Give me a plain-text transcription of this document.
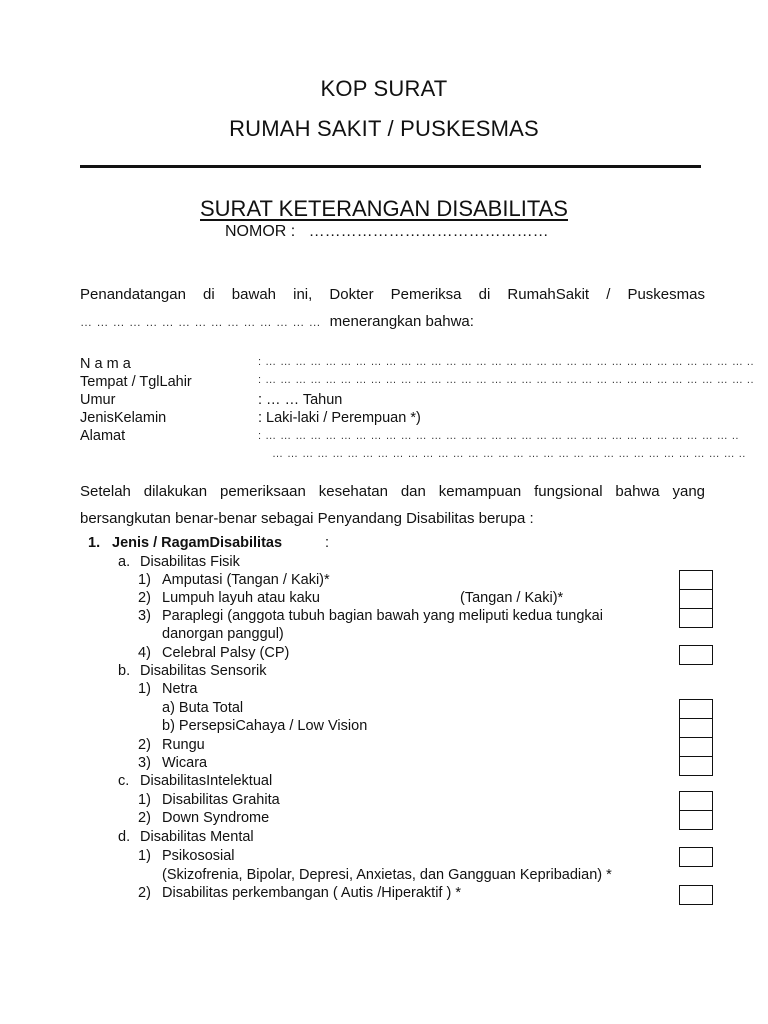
KOP SURAT
RUMAH SAKIT / PUSKESMAS
SURAT KETERANGAN DISABILITAS
NOMOR : ………………………………………
Penandatangan di bawah ini, Dokter Pemeriksa di RumahSakit / Puskesmas
… … … … … … … … … … … … … … … menerangkan bahwa:
N a m a	: … … … … … … … … … … … … … … … … … … … … … … … … … … … … … … … … ..
Tempat / TglLahir	: … … … … … … … … … … … … … … … … … … … … … … … … … … … … … … … … ..
Umur	: … … Tahun
JenisKelamin	: Laki-laki / Perempuan *)
Alamat	: … … … … … … … … … … … … … … … … … … … … … … … … … … … … … … … ..
… … … … … … … … … … … … … … … … … … … … … … … … … … … … … … … ..
Setelah dilakukan pemeriksaan kesehatan dan kemampuan fungsional bahwa yang
bersangkutan benar-benar sebagai Penyandang Disabilitas berupa :
1. Jenis / RagamDisabilitas	:
a. Disabilitas Fisik
1) Amputasi (Tangan / Kaki)*
2) Lumpuh layuh atau kaku	(Tangan / Kaki)*
3) Paraplegi (anggota tubuh bagian bawah yang meliputi kedua tungkai
danorgan panggul)
4) Celebral Palsy (CP)
b. Disabilitas Sensorik
1) Netra
a) Buta Total
b) PersepsiCahaya / Low Vision
2) Rungu
3) Wicara
c. DisabilitasIntelektual
1) Disabilitas Grahita
2) Down Syndrome
d. Disabilitas Mental
1) Psikososial
(Skizofrenia, Bipolar, Depresi, Anxietas, dan Gangguan Kepribadian) *
2) Disabilitas perkembangan ( Autis /Hiperaktif ) *
